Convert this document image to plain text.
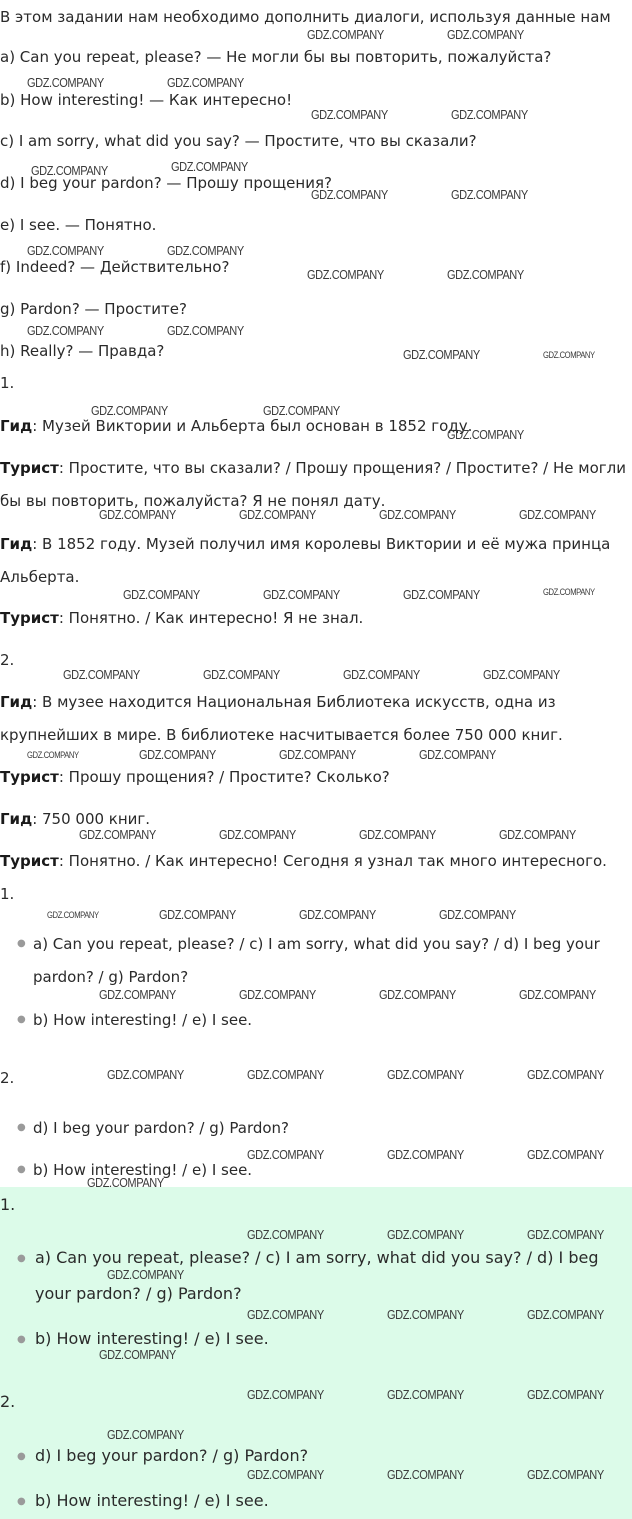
В этом задании нам необходимо дополнить диалоги, используя данные нам
a) Can you repeat, please? — Не могли бы вы повторить, пожалуйста?
b) How interesting! — Как интересно!
c) I am sorry, what did you say? — Простите, что вы сказали?
d) I beg your pardon? — Прошу прощения?
e) I see. — Понятно.
f) Indeed? — Действительно?
g) Pardon? — Простите?
h) Really? — Правда?
1.
Гид: Музей Виктории и Альберта был основан в 1852 году.
Турист: Простите, что вы сказали? / Прошу прощения? / Простите? / Не могли
бы вы повторить, пожалуйста? Я не понял дату.
Гид: В 1852 году. Музей получил имя королевы Виктории и её мужа принца
Альберта.
Турист: Понятно. / Как интересно! Я не знал.
2.
Гид: В музее находится Национальная Библиотека искусств, одна из
крупнейших в мире. В библиотеке насчитывается более 750 000 книг.
Турист: Прошу прощения? / Простите? Сколько?
Гид: 750 000 книг.
Турист: Понятно. / Как интересно! Сегодня я узнал так много интересного.
1.
● a) Can you repeat, please? / c) I am sorry, what did you say? / d) I beg your
pardon? / g) Pardon?
● b) How interesting! / e) I see.
2.
● d) I beg your pardon? / g) Pardon?
● b) How interesting! / e) I see.
1.
● a) Can you repeat, please? / c) I am sorry, what did you say? / d) I beg
your pardon? / g) Pardon?
● b) How interesting! / e) I see.
2.
● d) I beg your pardon? / g) Pardon?
● b) How interesting! / e) I see.
GDZ.COMPANY	GDZ.COMPANY
GDZ.COMPANY	GDZ.COMPANY
GDZ.COMPANY	GDZ.COMPANY
GDZ.COMPANY	GDZ.COMPANY
GDZ.COMPANY	GDZ.COMPANY
GDZ.COMPANY	GDZ.COMPANY
GDZ.COMPANY	GDZ.COMPANY
GDZ.COMPANY	GDZ.COMPANY
GDZ.COMPANY	GDZ.COMPANY
GDZ.COMPANY	GDZ.COMPANY
GDZ.COMPANY
GDZ.COMPANY	GDZ.COMPANY	GDZ.COMPANY	GDZ.COMPANY
GDZ.COMPANY	GDZ.COMPANY	GDZ.COMPANY	GDZ.COMPANY
GDZ.COMPANY	GDZ.COMPANY	GDZ.COMPANY	GDZ.COMPANY
GDZ.COMPANY	GDZ.COMPANY	GDZ.COMPANY	GDZ.COMPANY
GDZ.COMPANY	GDZ.COMPANY	GDZ.COMPANY	GDZ.COMPANY
GDZ.COMPANY	GDZ.COMPANY	GDZ.COMPANY	GDZ.COMPANY
GDZ.COMPANY	GDZ.COMPANY	GDZ.COMPANY	GDZ.COMPANY
GDZ.COMPANY	GDZ.COMPANY	GDZ.COMPANY	GDZ.COMPANY
GDZ.COMPANY	GDZ.COMPANY	GDZ.COMPANY
GDZ.COMPANY
GDZ.COMPANY	GDZ.COMPANY	GDZ.COMPANY
GDZ.COMPANY
GDZ.COMPANY	GDZ.COMPANY	GDZ.COMPANY
GDZ.COMPANY
GDZ.COMPANY	GDZ.COMPANY	GDZ.COMPANY
GDZ.COMPANY
GDZ.COMPANY	GDZ.COMPANY	GDZ.COMPANY
